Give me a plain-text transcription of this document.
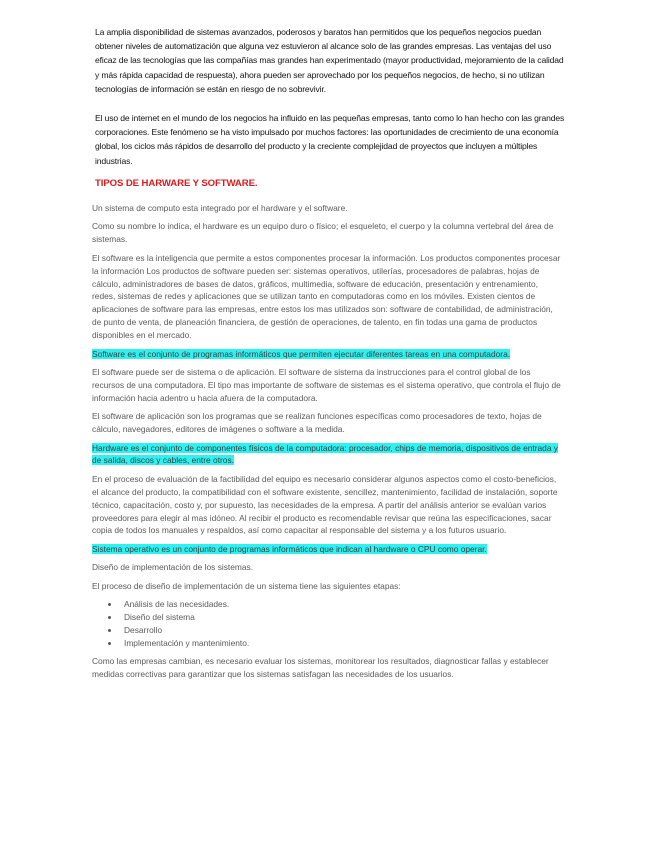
La amplia disponibilidad de sistemas avanzados, poderosos y baratos han permitidos que los pequeños negocios puedan obtener niveles de automatización que alguna vez estuvieron al alcance solo de las grandes empresas. Las ventajas del uso eficaz de las tecnologías que las compañías mas grandes han experimentado (mayor productividad, mejoramiento de la calidad y más rápida capacidad de respuesta), ahora pueden ser aprovechado por los pequeños negocios, de hecho, si no utilizan tecnologías de información se están en riesgo de no sobrevivir.

El uso de internet en el mundo de los negocios ha influido en las pequeñas empresas, tanto como lo han hecho con las grandes corporaciones. Este fenómeno se ha visto impulsado por muchos factores: las oportunidades de crecimiento de una economía global, los ciclos más rápidos de desarrollo del producto y la creciente complejidad de proyectos que incluyen a múltiples industrias.

TIPOS DE HARWARE Y SOFTWARE.

Un sistema de computo esta integrado por el hardware y el software.

Como su nombre lo indica, el hardware es un equipo duro o físico; el esqueleto, el cuerpo y la columna vertebral del área de sistemas.

El software es la inteligencia que permite a estos componentes procesar la información. Los productos componentes procesar la información Los productos de software pueden ser: sistemas operativos, utilerías, procesadores de palabras, hojas de cálculo, administradores de bases de datos, gráficos, multimedia, software de educación, presentación y entrenamiento, redes, sistemas de redes y aplicaciones que se utilizan tanto en computadoras como en los móviles. Existen cientos de aplicaciones de software para las empresas, entre estos los mas utilizados son: software de contabilidad, de administración, de punto de venta, de planeación financiera, de gestión de operaciones, de talento, en fin todas una gama de productos disponibles en el mercado.

Software es el conjunto de programas informáticos que permiten ejecutar diferentes tareas en una computadora.

El software puede ser de sistema o de aplicación. El software de sistema da instrucciones para el control global de los recursos de una computadora. El tipo mas importante de software de sistemas es el sistema operativo, que controla el flujo de información hacia adentro u hacia afuera de la computadora.

El software de aplicación son los programas que se realizan funciones específicas como procesadores de texto, hojas de cálculo, navegadores, editores de imágenes o software a la medida.

Hardware es el conjunto de componentes físicos de la computadora: procesador, chips de memoria, dispositivos de entrada y de salida, discos y cables, entre otros.

En el proceso de evaluación de la factibilidad del equipo es necesario considerar algunos aspectos como el costo-beneficios, el alcance del producto, la compatibilidad con el software existente, sencillez, mantenimiento, facilidad de instalación, soporte técnico, capacitación, costo y, por supuesto, las necesidades de la empresa. A partir del análisis anterior se evalúan varios proveedores para elegir al mas idóneo. Al recibir el producto es recomendable revisar que reúna las especificaciones, sacar copia de todos los manuales y respaldos, así como capacitar al responsable del sistema y a los futuros usuario.

Sistema operativo es un conjunto de programas informáticos que indican al hardware o CPU como operar.

Diseño de implementación de los sistemas.

El proceso de diseño de implementación de un sistema tiene las siguientes etapas:

• Análisis de las necesidades.
• Diseño del sistema
• Desarrollo
• Implementación y mantenimiento.

Como las empresas cambian, es necesario evaluar los sistemas, monitorear los resultados, diagnosticar fallas y establecer medidas correctivas para garantizar que los sistemas satisfagan las necesidades de los usuarios.
